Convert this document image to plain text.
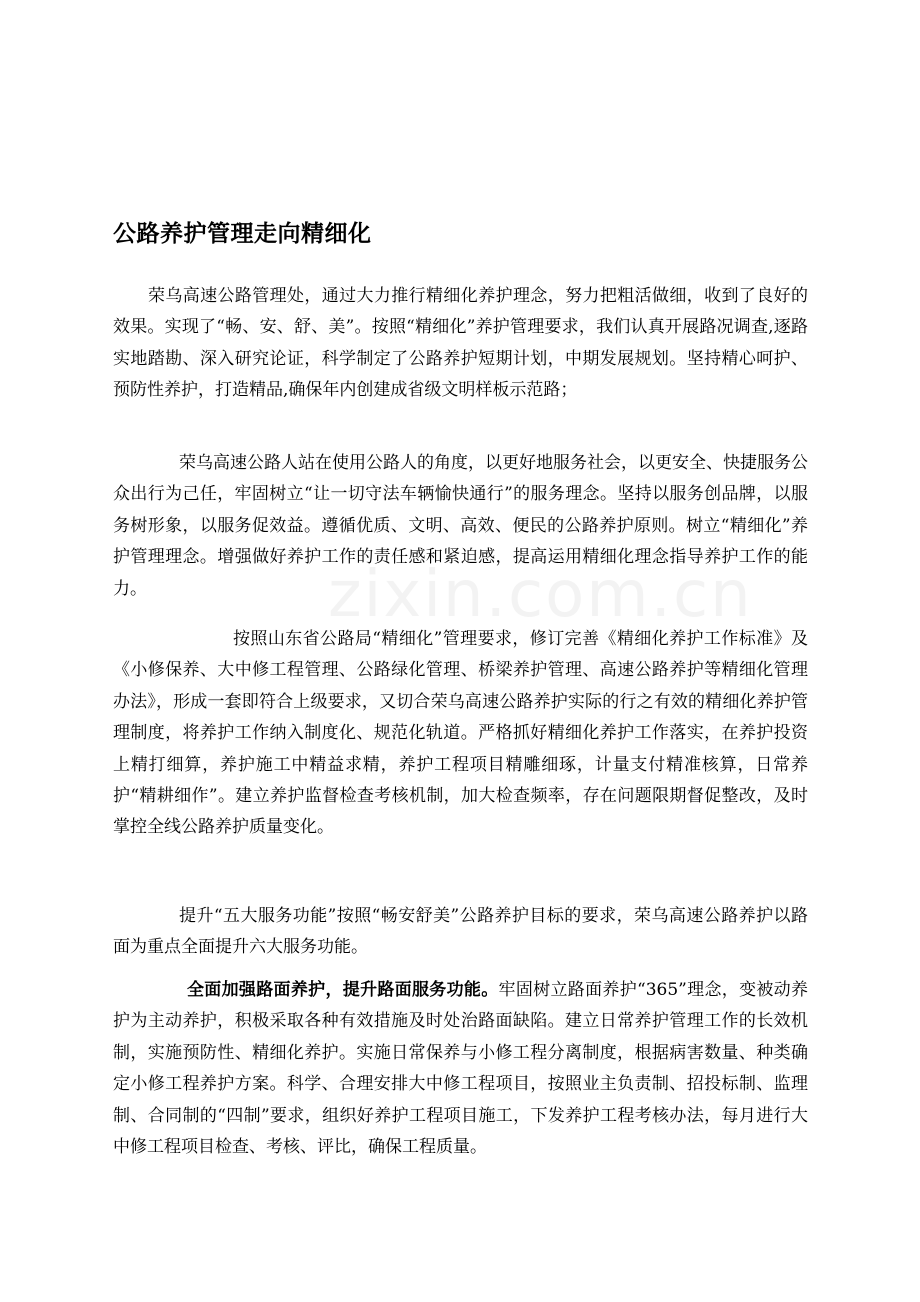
公路养护管理走向精细化

荣乌高速公路管理处，通过大力推行精细化养护理念，努力把粗活做细，收到了良好的效果。实现了“畅、安、舒、美”。按照“精细化”养护管理要求，我们认真开展路况调查,逐路实地踏勘、深入研究论证，科学制定了公路养护短期计划，中期发展规划。坚持精心呵护、预防性养护，打造精品,确保年内创建成省级文明样板示范路；

荣乌高速公路人站在使用公路人的角度，以更好地服务社会，以更安全、快捷服务公众出行为己任，牢固树立“让一切守法车辆愉快通行”的服务理念。坚持以服务创品牌，以服务树形象，以服务促效益。遵循优质、文明、高效、便民的公路养护原则。树立“精细化”养护管理理念。增强做好养护工作的责任感和紧迫感，提高运用精细化理念指导养护工作的能力。

按照山东省公路局“精细化”管理要求，修订完善《精细化养护工作标准》及《小修保养、大中修工程管理、公路绿化管理、桥梁养护管理、高速公路养护等精细化管理办法》，形成一套即符合上级要求，又切合荣乌高速公路养护实际的行之有效的精细化养护管理制度，将养护工作纳入制度化、规范化轨道。严格抓好精细化养护工作落实，在养护投资上精打细算，养护施工中精益求精，养护工程项目精雕细琢，计量支付精准核算，日常养护“精耕细作”。建立养护监督检查考核机制，加大检查频率，存在问题限期督促整改，及时掌控全线公路养护质量变化。

提升“五大服务功能”按照“畅安舒美”公路养护目标的要求，荣乌高速公路养护以路面为重点全面提升六大服务功能。

全面加强路面养护，提升路面服务功能。牢固树立路面养护“365”理念，变被动养护为主动养护，积极采取各种有效措施及时处治路面缺陷。建立日常养护管理工作的长效机制，实施预防性、精细化养护。实施日常保养与小修工程分离制度，根据病害数量、种类确定小修工程养护方案。科学、合理安排大中修工程项目，按照业主负责制、招投标制、监理制、合同制的“四制”要求，组织好养护工程项目施工，下发养护工程考核办法，每月进行大中修工程项目检查、考核、评比，确保工程质量。

zixin.com.cn
